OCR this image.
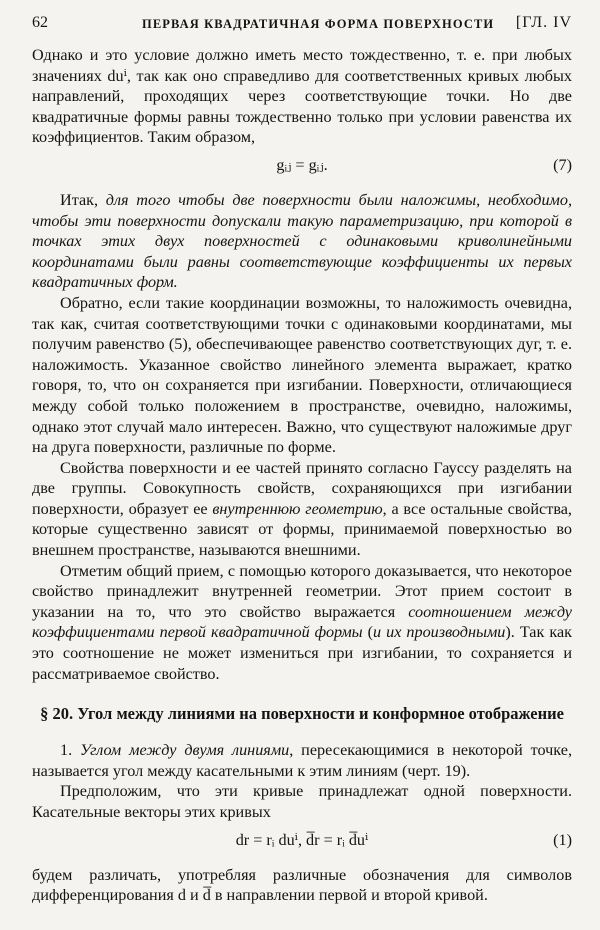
62	ПЕРВАЯ КВАДРАТИЧНАЯ ФОРМА ПОВЕРХНОСТИ [ГЛ. IV

Однако и это условие должно иметь место тождественно, т. е. при любых значениях duⁱ, так как оно справедливо для соответственных кривых любых направлений, проходящих через соответствующие точки. Но две квадратичные формы равны тождественно только при условии равенства их коэффициентов. Таким образом,

gᵢⱼ = gᵢⱼ.	(7)

Итак, для того чтобы две поверхности были наложимы, необходимо, чтобы эти поверхности допускали такую параметризацию, при которой в точках этих двух поверхностей с одинаковыми криволинейными координатами были равны соответствующие коэффициенты их первых квадратичных форм.

Обратно, если такие координации возможны, то наложимость очевидна, так как, считая соответствующими точки с одинаковыми координатами, мы получим равенство (5), обеспечивающее равенство соответствующих дуг, т. е. наложимость. Указанное свойство линейного элемента выражает, кратко говоря, то, что он сохраняется при изгибании. Поверхности, отличающиеся между собой только положением в пространстве, очевидно, наложимы, однако этот случай мало интересен. Важно, что существуют наложимые друг на друга поверхности, различные по форме.

Свойства поверхности и ее частей принято согласно Гауссу разделять на две группы. Совокупность свойств, сохраняющихся при изгибании поверхности, образует ее внутреннюю геометрию, а все остальные свойства, которые существенно зависят от формы, принимаемой поверхностью во внешнем пространстве, называются внешними.

Отметим общий прием, с помощью которого доказывается, что некоторое свойство принадлежит внутренней геометрии. Этот прием состоит в указании на то, что это свойство выражается соотношением между коэффициентами первой квадратичной формы (и их производными). Так как это соотношение не может измениться при изгибании, то сохраняется и рассматриваемое свойство.

§ 20. Угол между линиями на поверхности и конформное отображение

1. Углом между двумя линиями, пересекающимися в некоторой точке, называется угол между касательными к этим линиям (черт. 19).

Предположим, что эти кривые принадлежат одной поверхности. Касательные векторы этих кривых

dr = rᵢ duⁱ, d̅r = rᵢ d̅uⁱ	(1)

будем различать, употребляя различные обозначения для символов дифференцирования d и d̅ в направлении первой и второй кривой.
